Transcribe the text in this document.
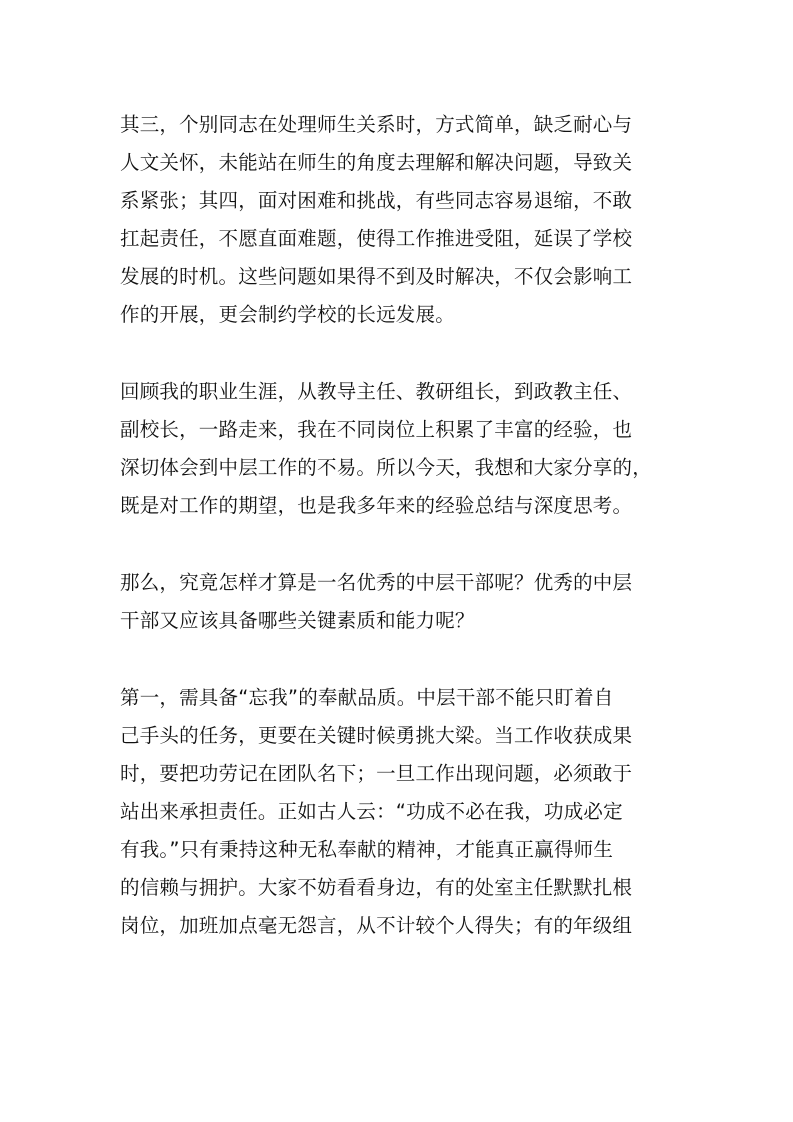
其三，个别同志在处理师生关系时，方式简单，缺乏耐心与
人文关怀，未能站在师生的角度去理解和解决问题，导致关
系紧张；其四，面对困难和挑战，有些同志容易退缩，不敢
扛起责任，不愿直面难题，使得工作推进受阻，延误了学校
发展的时机。这些问题如果得不到及时解决，不仅会影响工
作的开展，更会制约学校的长远发展。
回顾我的职业生涯，从教导主任、教研组长，到政教主任、
副校长，一路走来，我在不同岗位上积累了丰富的经验，也
深切体会到中层工作的不易。所以今天，我想和大家分享的，
既是对工作的期望，也是我多年来的经验总结与深度思考。
那么，究竟怎样才算是一名优秀的中层干部呢？优秀的中层
干部又应该具备哪些关键素质和能力呢？
第一，需具备“忘我”的奉献品质。中层干部不能只盯着自
己手头的任务，更要在关键时候勇挑大梁。当工作收获成果
时，要把功劳记在团队名下；一旦工作出现问题，必须敢于
站出来承担责任。正如古人云：“功成不必在我，功成必定
有我。”只有秉持这种无私奉献的精神，才能真正赢得师生
的信赖与拥护。大家不妨看看身边，有的处室主任默默扎根
岗位，加班加点毫无怨言，从不计较个人得失；有的年级组
